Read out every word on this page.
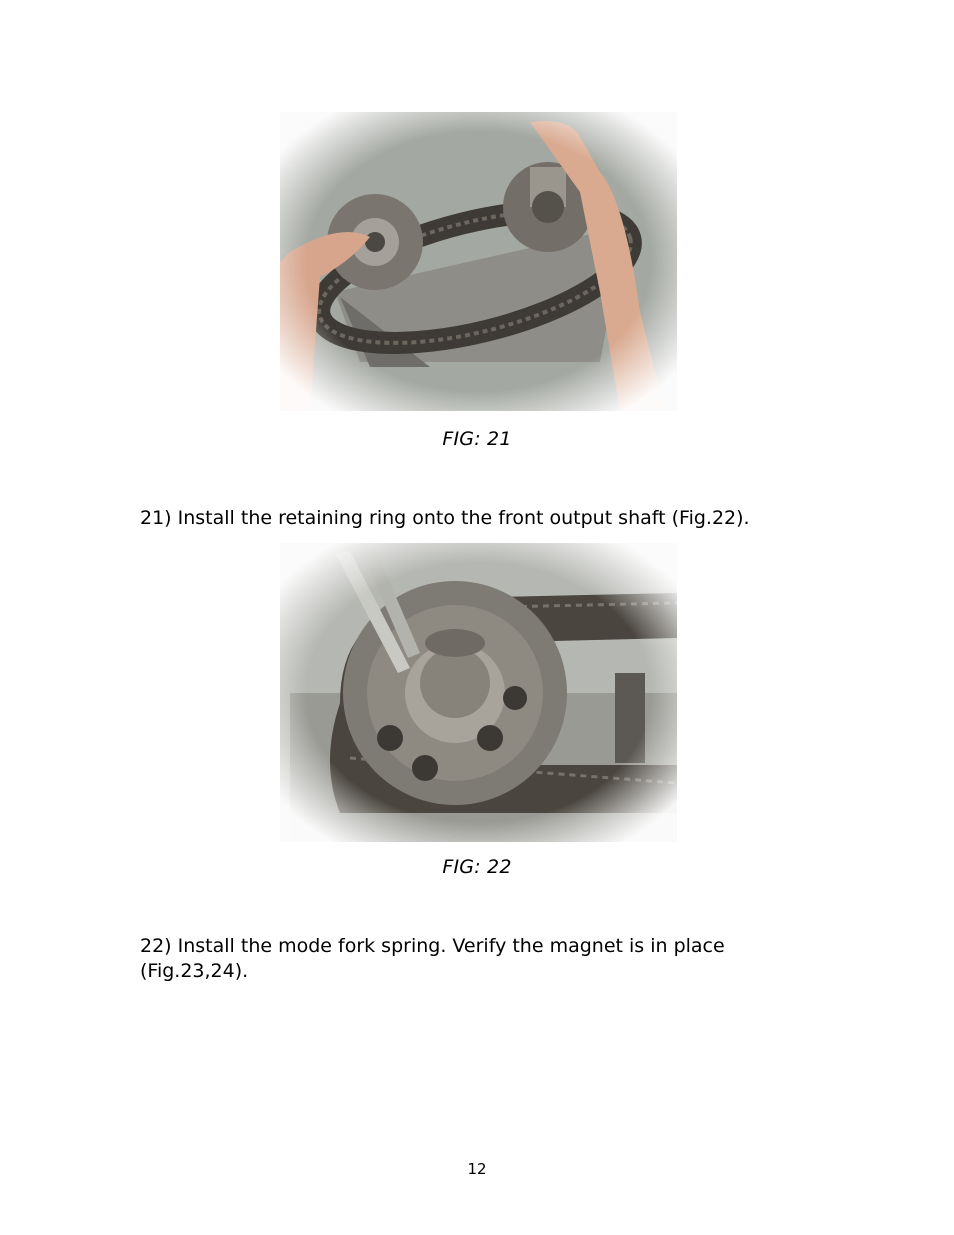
FIG: 21
21) Install the retaining ring onto the front output shaft (Fig.22).
FIG: 22
22) Install the mode fork spring. Verify the magnet is in place
(Fig.23,24).
12
